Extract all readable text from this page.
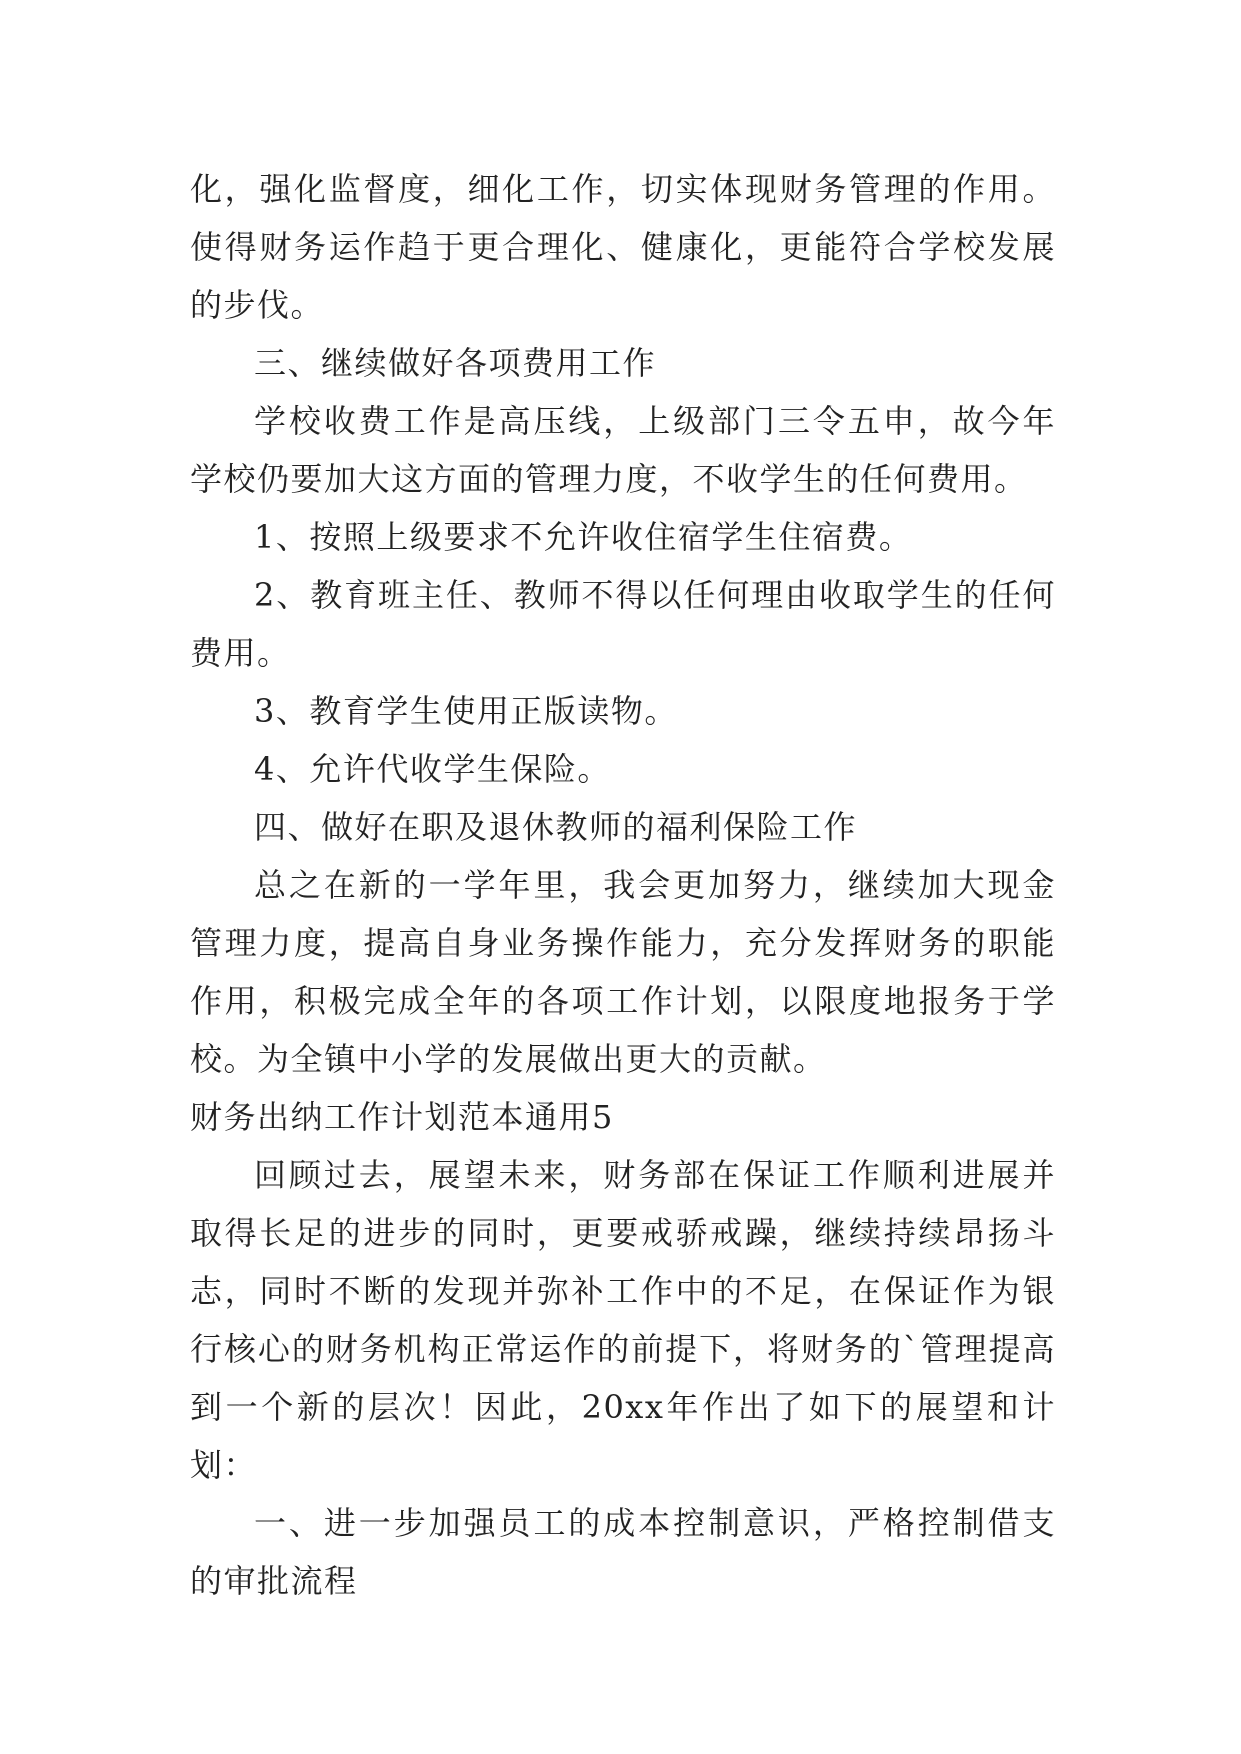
化，强化监督度，细化工作，切实体现财务管理的作用。使得财务运作趋于更合理化、健康化，更能符合学校发展的步伐。

三、继续做好各项费用工作

学校收费工作是高压线，上级部门三令五申，故今年学校仍要加大这方面的管理力度，不收学生的任何费用。

1、按照上级要求不允许收住宿学生住宿费。

2、教育班主任、教师不得以任何理由收取学生的任何费用。

3、教育学生使用正版读物。

4、允许代收学生保险。

四、做好在职及退休教师的福利保险工作

总之在新的一学年里，我会更加努力，继续加大现金管理力度，提高自身业务操作能力，充分发挥财务的职能作用，积极完成全年的各项工作计划，以限度地报务于学校。为全镇中小学的发展做出更大的贡献。

财务出纳工作计划范本通用5

回顾过去，展望未来，财务部在保证工作顺利进展并取得长足的进步的同时，更要戒骄戒躁，继续持续昂扬斗志，同时不断的发现并弥补工作中的不足，在保证作为银行核心的财务机构正常运作的前提下，将财务的`管理提高到一个新的层次！因此，20xx年作出了如下的展望和计划：

一、进一步加强员工的成本控制意识，严格控制借支的审批流程
